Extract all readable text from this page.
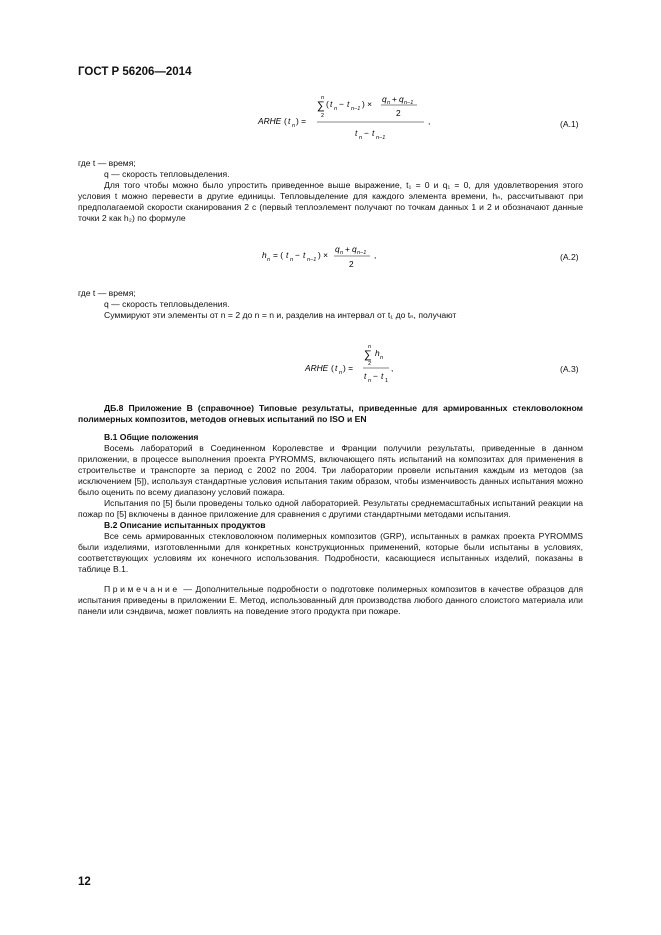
ГОСТ Р 56206—2014
ARHE ( t n ) =
n
∑
2
( t n − t n−1 ) × q n + q n−1
2
t n − t n−1
,	(A.1)

где t — время;

q — скорость тепловыделения.

Для того чтобы можно было упростить приведенное выше выражение, t₁ = 0 и q₁ = 0, для удовлетворения этого условия t можно перевести в другие единицы. Тепловыделение для каждого элемента времени, hₙ, рассчитывают при предполагаемой скорости сканирования 2 с (первый теплоэлемент получают по точкам данных 1 и 2 и обозначают данные точки 2 как h₂) по формуле

h n = ( t n − t n−1 ) ×
q n + q n−1
2
,	(A.2)

где t — время;

q — скорость тепловыделения.

Суммируют эти элементы от n = 2 до n = n и, разделив на интервал от t₁ до tₙ, получают

ARHE ( t n ) =
n
∑
2
h n
t n − t 1
,	(A.3)

ДБ.8 Приложение В (справочное) Типовые результаты, приведенные для армированных стекловолокном полимерных композитов, методов огневых испытаний по ISO и EN

В.1 Общие положения

Восемь лабораторий в Соединенном Королевстве и Франции получили результаты, приведенные в данном приложении, в процессе выполнения проекта PYROMMS, включающего пять испытаний на композитах для применения в строительстве и транспорте за период с 2002 по 2004. Три лаборатории провели испытания каждым из методов (за исключением [5]), используя стандартные условия испытания таким образом, чтобы изменчивость данных испытания можно было оценить по всему диапазону условий пожара.

Испытания по [5] были проведены только одной лабораторией. Результаты среднемасштабных испытаний реакции на пожар по [5] включены в данное приложение для сравнения с другими стандартными методами испытания.

В.2 Описание испытанных продуктов

Все семь армированных стекловолокном полимерных композитов (GRP), испытанных в рамках проекта PYROMMS были изделиями, изготовленными для конкретных конструкционных применений, которые были испытаны в условиях, соответствующих условиям их конечного использования. Подробности, касающиеся испытанных изделий, показаны в таблице В.1.

Примечание — Дополнительные подробности о подготовке полимерных композитов в качестве образцов для испытания приведены в приложении Е. Метод, использованный для производства любого данного слоистого материала или панели или сэндвича, может повлиять на поведение этого продукта при пожаре.

12
